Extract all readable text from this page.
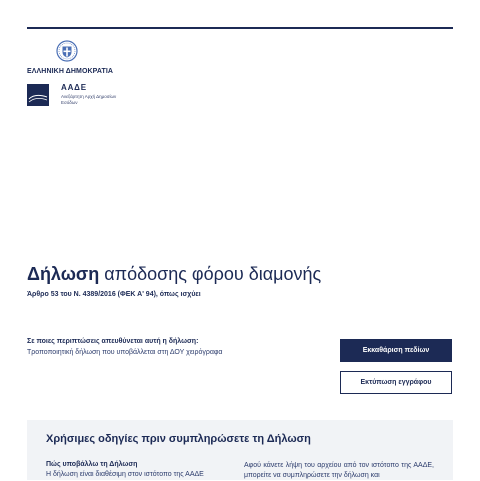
ΕΛΛΗΝΙΚΗ ΔΗΜΟΚΡΑΤΙΑ
ΑΑΔΕ
Ανεξάρτητη Αρχή Δημοσίων Εσόδων
Δήλωση απόδοσης φόρου διαμονής
Άρθρο 53 του Ν. 4389/2016 (ΦΕΚ Α' 94), όπως ισχύει
Σε ποιες περιπτώσεις απευθύνεται αυτή η δήλωση:
Τροποποιητική δήλωση που υποβάλλεται στη ΔΟΥ χειρόγραφα	Εκκαθάριση πεδίων
Εκτύπωση εγγράφου
Χρήσιμες οδηγίες πριν συμπληρώσετε τη Δήλωση
Πώς υποβάλλω τη Δήλωση
Η δήλωση είναι διαθέσιμη στον ιστότοπο της ΑΑΔΕ
Αφού κάνετε λήψη του αρχείου από τον ιστότοπο της ΑΑΔΕ, μπορείτε να συμπληρώσετε την δήλωση και
